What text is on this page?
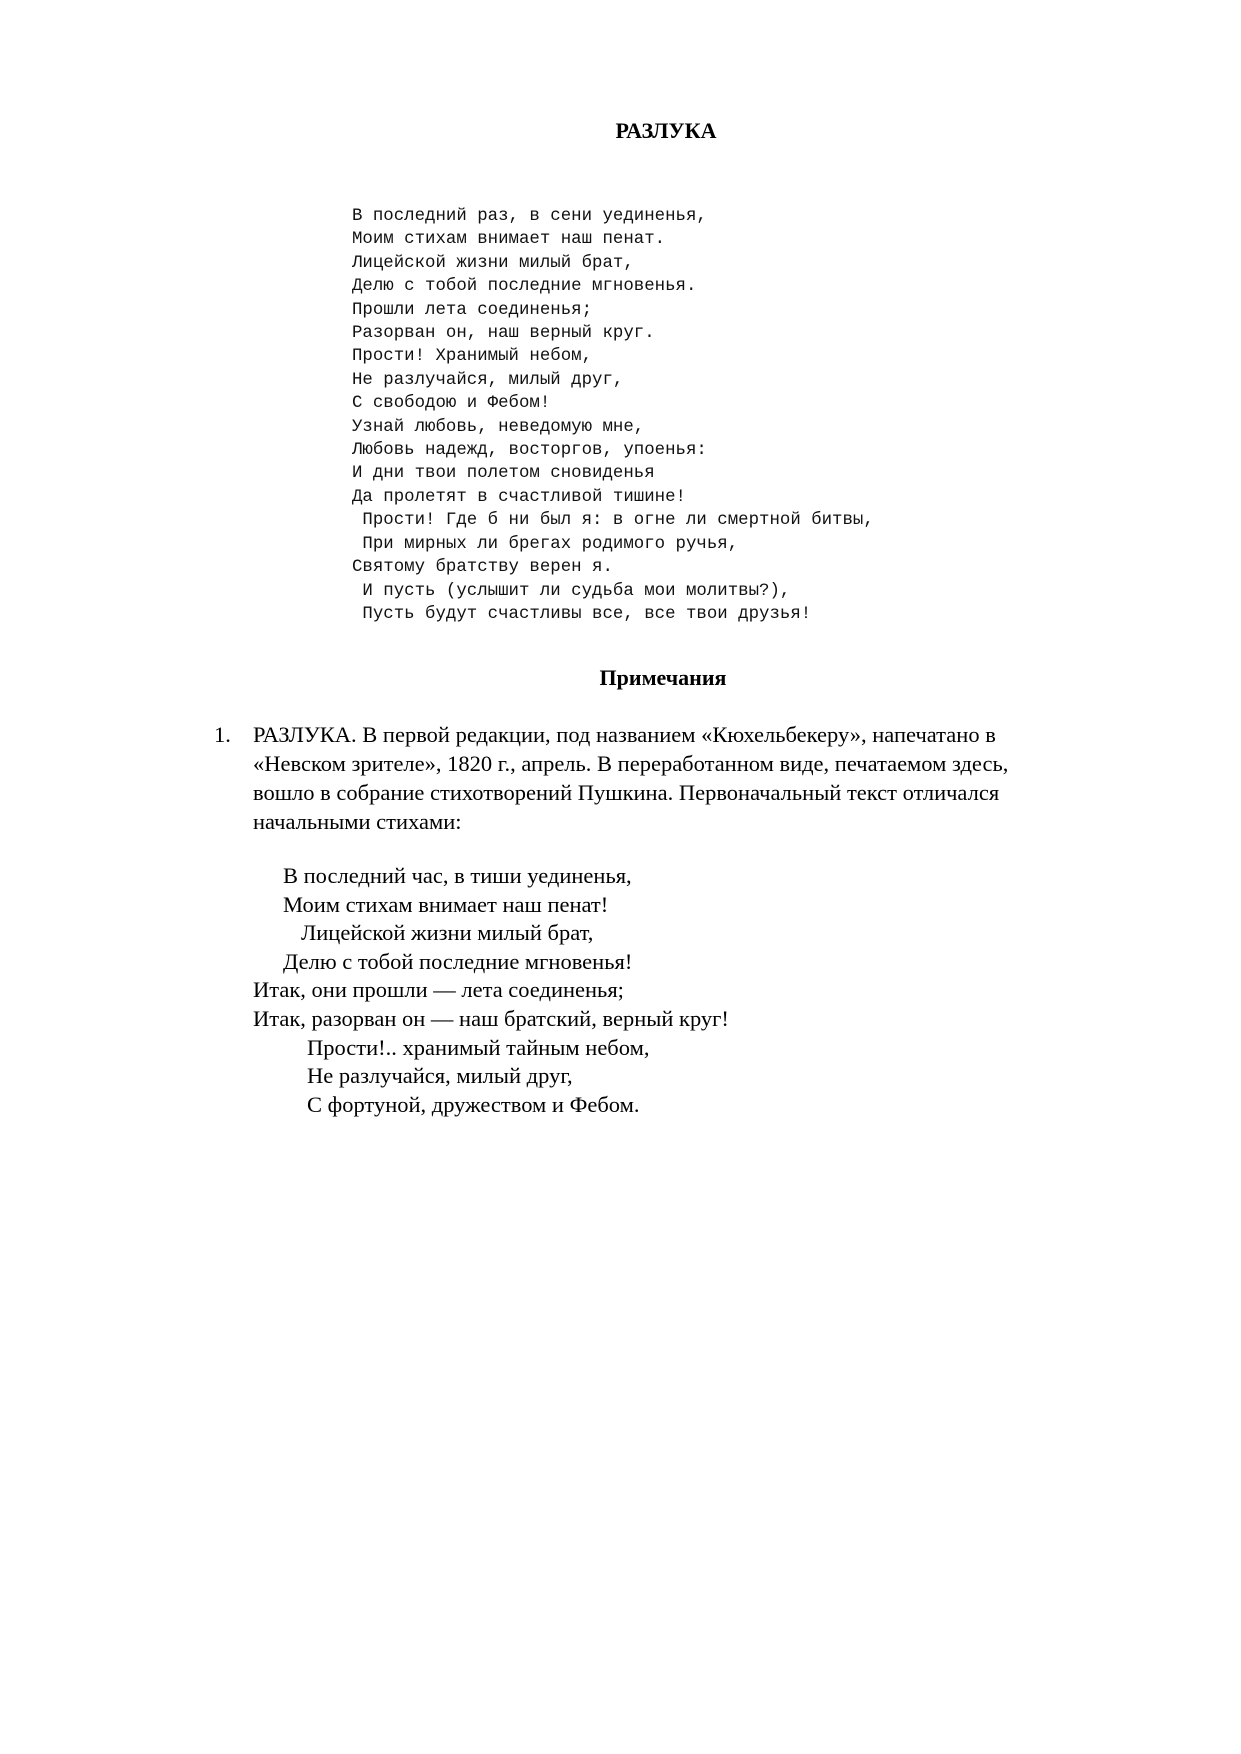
РАЗЛУКА
В последний раз, в сени уединенья,
Моим стихам внимает наш пенат.
Лицейской жизни милый брат,
Делю с тобой последние мгновенья.
Прошли лета соединенья;
Разорван он, наш верный круг.
Прости! Хранимый небом,
Не разлучайся, милый друг,
С свободою и Фебом!
Узнай любовь, неведомую мне,
Любовь надежд, восторгов, упоенья:
И дни твои полетом сновиденья
Да пролетят в счастливой тишине!
Прости! Где б ни был я: в огне ли смертной битвы,
При мирных ли брегах родимого ручья,
Святому братству верен я.
И пусть (услышит ли судьба мои молитвы?),
Пусть будут счастливы все, все твои друзья!
Примечания
1. РАЗЛУКА. В первой редакции, под названием «Кюхельбекеру», напечатано в
«Невском зрителе», 1820 г., апрель. В переработанном виде, печатаемом здесь,
вошло в собрание стихотворений Пушкина. Первоначальный текст отличался
начальными стихами:
В последний час, в тиши уединенья,
Моим стихам внимает наш пенат!
Лицейской жизни милый брат,
Делю с тобой последние мгновенья!
Итак, они прошли — лета соединенья;
Итак, разорван он — наш братский, верный круг!
Прости!.. хранимый тайным небом,
Не разлучайся, милый друг,
С фортуной, дружеством и Фебом.
